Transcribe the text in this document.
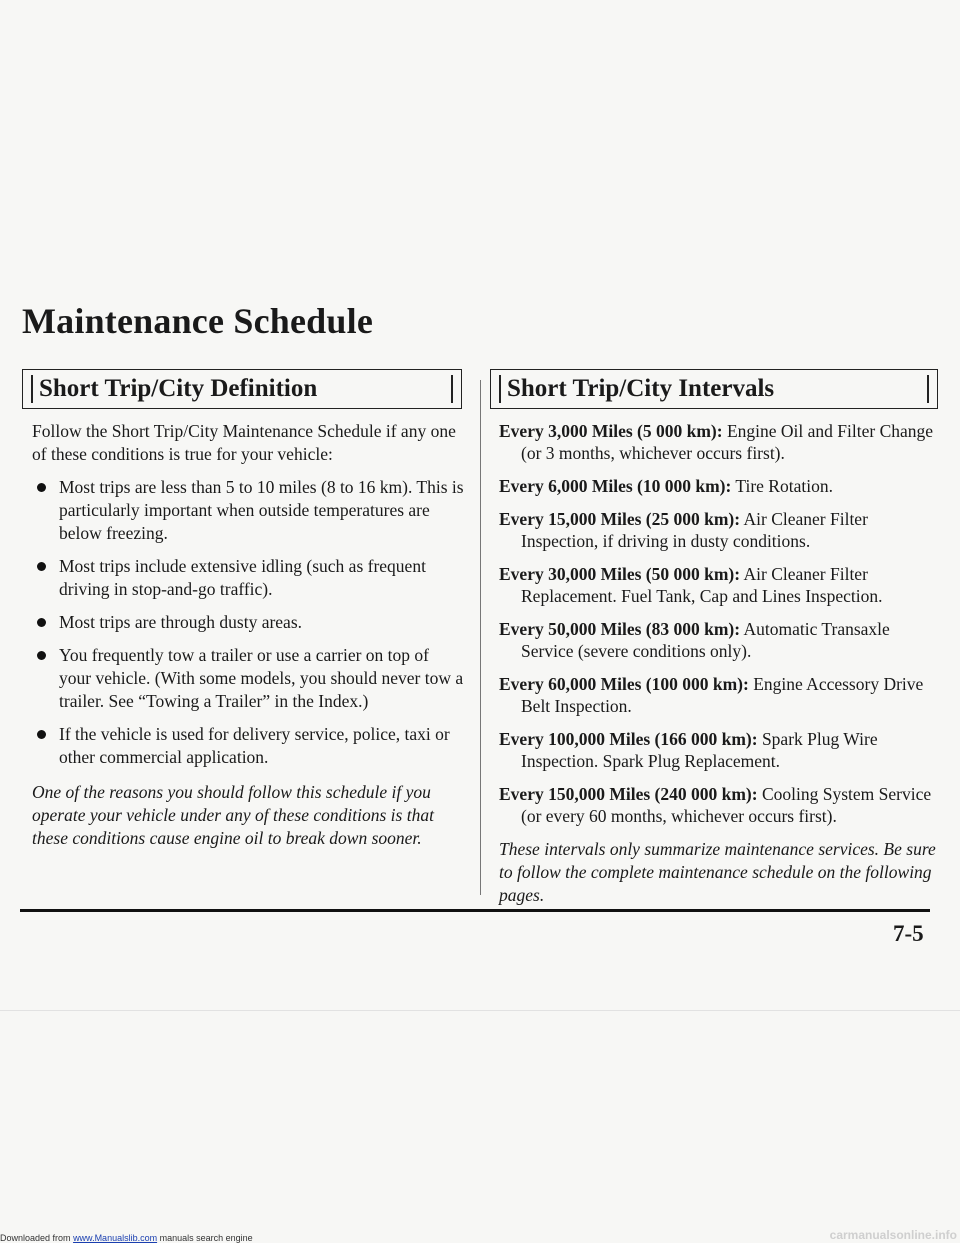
Maintenance Schedule
Short Trip/City Definition	Short Trip/City Intervals

Follow the Short Trip/City Maintenance Schedule if any one of these conditions is true for your vehicle:

Most trips are less than 5 to 10 miles (8 to 16 km). This is particularly important when outside temperatures are below freezing.
Most trips include extensive idling (such as frequent driving in stop-and-go traffic).
Most trips are through dusty areas.
You frequently tow a trailer or use a carrier on top of your vehicle. (With some models, you should never tow a trailer. See “Towing a Trailer” in the Index.)
If the vehicle is used for delivery service, police, taxi or other commercial application.

One of the reasons you should follow this schedule if you operate your vehicle under any of these conditions is that these conditions cause engine oil to break down sooner.

Every 3,000 Miles (5 000 km): Engine Oil and Filter Change (or 3 months, whichever occurs first).

Every 6,000 Miles (10 000 km): Tire Rotation.

Every 15,000 Miles (25 000 km): Air Cleaner Filter Inspection, if driving in dusty conditions.

Every 30,000 Miles (50 000 km): Air Cleaner Filter Replacement. Fuel Tank, Cap and Lines Inspection.

Every 50,000 Miles (83 000 km): Automatic Transaxle Service (severe conditions only).

Every 60,000 Miles (100 000 km): Engine Accessory Drive Belt Inspection.

Every 100,000 Miles (166 000 km): Spark Plug Wire Inspection. Spark Plug Replacement.

Every 150,000 Miles (240 000 km): Cooling System Service (or every 60 months, whichever occurs first).

These intervals only summarize maintenance services. Be sure to follow the complete maintenance schedule on the following pages.

7-5
Downloaded from www.Manualslib.com manuals search engine	carmanualsonline.info
